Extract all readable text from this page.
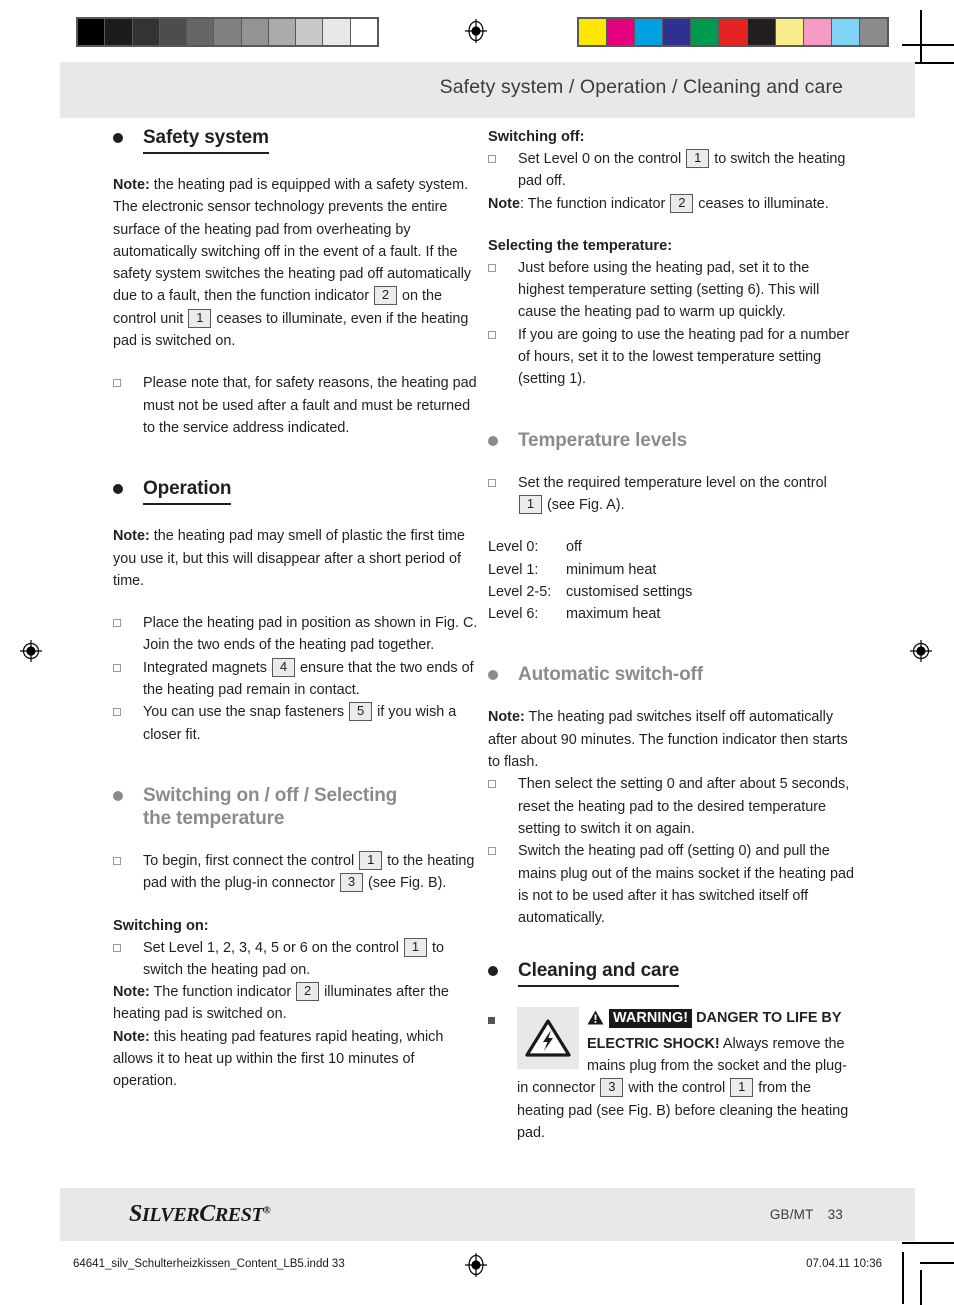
Safety system / Operation / Cleaning and care
Safety system

Note: the heating pad is equipped with a safety system. The electronic sensor technology prevents the entire surface of the heating pad from overheating by automatically switching off in the event of a fault. If the safety system switches the heating pad off automatically due to a fault, then the function indicator 2 on the control unit 1 ceases to illuminate, even if the heating pad is switched on.

Please note that, for safety reasons, the heating pad must not be used after a fault and must be returned to the service address indicated.
Operation

Note: the heating pad may smell of plastic the first time you use it, but this will disappear after a short period of time.

Place the heating pad in position as shown in Fig. C. Join the two ends of the heating pad together.
Integrated magnets 4 ensure that the two ends of the heating pad remain in contact.
You can use the snap fasteners 5 if you wish a closer fit.
Switching on / off / Selecting
the temperature
To begin, first connect the control 1 to the heating pad with the plug-in connector 3 (see Fig. B).
Switching on:
Set Level 1, 2, 3, 4, 5 or 6 on the control 1 to switch the heating pad on.

Note: The function indicator 2 illuminates after the heating pad is switched on.

Note: this heating pad features rapid heating, which allows it to heat up within the first 10 minutes of operation.

Switching off:
Set Level 0 on the control 1 to switch the heating pad off.

Note: The function indicator 2 ceases to illuminate.

Selecting the temperature:
Just before using the heating pad, set it to the highest temperature setting (setting 6). This will cause the heating pad to warm up quickly.
If you are going to use the heating pad for a number of hours, set it to the lowest temperature setting (setting 1).
Temperature levels
Set the required temperature level on the control 1 (see Fig. A).
Level 0:	off
Level 1:	minimum heat
Level 2-5:	customised settings
Level 6:	maximum heat
Automatic switch-off

Note: The heating pad switches itself off automatically after about 90 minutes. The function indicator then starts to flash.

Then select the setting 0 and after about 5 seconds, reset the heating pad to the desired temperature setting to switch it on again.
Switch the heating pad off (setting 0) and pull the mains plug out of the mains socket if the heating pad is not to be used after it has switched itself off automatically.
Cleaning and care
WARNING! DANGER TO LIFE BY ELECTRIC SHOCK! Always remove the mains plug from the socket and the plug-in connector 3 with the control 1 from the heating pad (see Fig. B) before cleaning the heating pad.
SILVERCREST®	GB/MT 33
64641_silv_Schulterheizkissen_Content_LB5.indd 33	07.04.11 10:36
